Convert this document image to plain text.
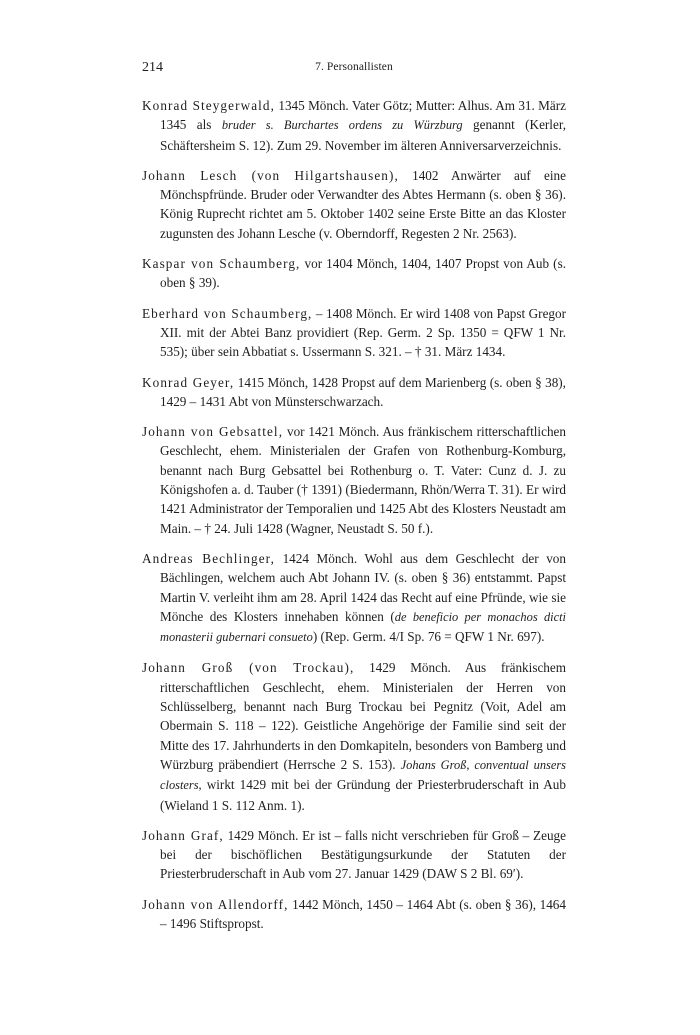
214	7. Personallisten

Konrad Steygerwald, 1345 Mönch. Vater Götz; Mutter: Alhus. Am 31. März 1345 als bruder s. Burchartes ordens zu Würzburg genannt (Kerler, Schäftersheim S. 12). Zum 29. November im älteren Anniversarverzeichnis.

Johann Lesch (von Hilgartshausen), 1402 Anwärter auf eine Mönchspfründe. Bruder oder Verwandter des Abtes Hermann (s. oben § 36). König Ruprecht richtet am 5. Oktober 1402 seine Erste Bitte an das Kloster zugunsten des Johann Lesche (v. Oberndorff, Regesten 2 Nr. 2563).

Kaspar von Schaumberg, vor 1404 Mönch, 1404, 1407 Propst von Aub (s. oben § 39).

Eberhard von Schaumberg, – 1408 Mönch. Er wird 1408 von Papst Gregor XII. mit der Abtei Banz providiert (Rep. Germ. 2 Sp. 1350 = QFW 1 Nr. 535); über sein Abbatiat s. Ussermann S. 321. – † 31. März 1434.

Konrad Geyer, 1415 Mönch, 1428 Propst auf dem Marienberg (s. oben § 38), 1429 – 1431 Abt von Münsterschwarzach.

Johann von Gebsattel, vor 1421 Mönch. Aus fränkischem ritterschaftlichen Geschlecht, ehem. Ministerialen der Grafen von Rothenburg-Komburg, benannt nach Burg Gebsattel bei Rothenburg o. T. Vater: Cunz d. J. zu Königshofen a. d. Tauber († 1391) (Biedermann, Rhön/Werra T. 31). Er wird 1421 Administrator der Temporalien und 1425 Abt des Klosters Neustadt am Main. – † 24. Juli 1428 (Wagner, Neustadt S. 50 f.).

Andreas Bechlinger, 1424 Mönch. Wohl aus dem Geschlecht der von Bächlingen, welchem auch Abt Johann IV. (s. oben § 36) entstammt. Papst Martin V. verleiht ihm am 28. April 1424 das Recht auf eine Pfründe, wie sie Mönche des Klosters innehaben können (de beneficio per monachos dicti monasterii gubernari consueto) (Rep. Germ. 4/I Sp. 76 = QFW 1 Nr. 697).

Johann Groß (von Trockau), 1429 Mönch. Aus fränkischem ritterschaftlichen Geschlecht, ehem. Ministerialen der Herren von Schlüsselberg, benannt nach Burg Trockau bei Pegnitz (Voit, Adel am Obermain S. 118 – 122). Geistliche Angehörige der Familie sind seit der Mitte des 17. Jahrhunderts in den Domkapiteln, besonders von Bamberg und Würzburg präbendiert (Herrsche 2 S. 153). Johans Groß, conventual unsers closters, wirkt 1429 mit bei der Gründung der Priesterbruderschaft in Aub (Wieland 1 S. 112 Anm. 1).

Johann Graf, 1429 Mönch. Er ist – falls nicht verschrieben für Groß – Zeuge bei der bischöflichen Bestätigungsurkunde der Statuten der Priesterbruderschaft in Aub vom 27. Januar 1429 (DAW S 2 Bl. 69′).

Johann von Allendorff, 1442 Mönch, 1450 – 1464 Abt (s. oben § 36), 1464 – 1496 Stiftspropst.
